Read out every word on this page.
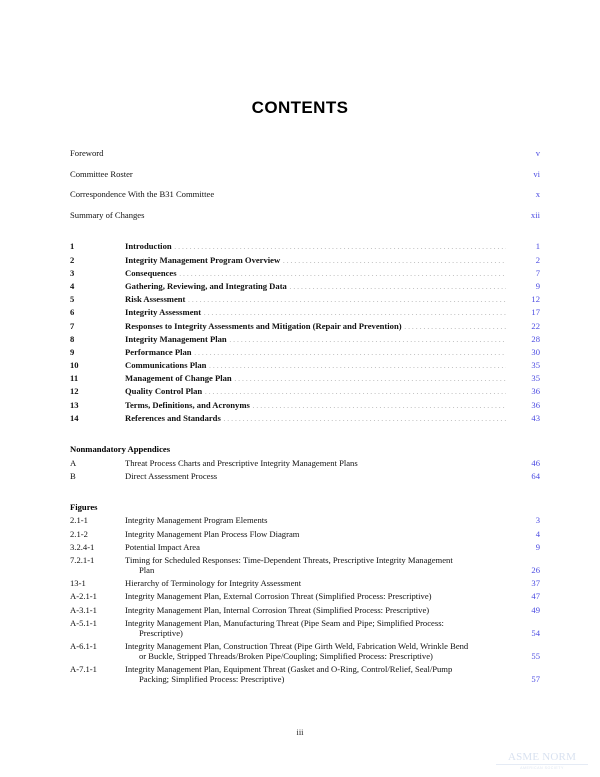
CONTENTS
Foreword .....	v
Committee Roster .....	vi
Correspondence With the B31 Committee .....	x
Summary of Changes .....	xii
1	Introduction .....	1
2	Integrity Management Program Overview .....	2
3	Consequences .....	7
4	Gathering, Reviewing, and Integrating Data .....	9
5	Risk Assessment .....	12
6	Integrity Assessment .....	17
7	Responses to Integrity Assessments and Mitigation (Repair and Prevention) .....	22
8	Integrity Management Plan .....	28
9	Performance Plan .....	30
10	Communications Plan .....	35
11	Management of Change Plan .....	35
12	Quality Control Plan .....	36
13	Terms, Definitions, and Acronyms .....	36
14	References and Standards .....	43
Nonmandatory Appendices
A	Threat Process Charts and Prescriptive Integrity Management Plans .....	46
B	Direct Assessment Process .....	64
Figures
2.1-1	Integrity Management Program Elements .....	3
2.1-2	Integrity Management Plan Process Flow Diagram .....	4
3.2.4-1	Potential Impact Area .....	9
7.2.1-1	Timing for Scheduled Responses: Time-Dependent Threats, Prescriptive Integrity Management
Plan .....	26
13-1	Hierarchy of Terminology for Integrity Assessment .....	37
A-2.1-1	Integrity Management Plan, External Corrosion Threat (Simplified Process: Prescriptive) .....	47
A-3.1-1	Integrity Management Plan, Internal Corrosion Threat (Simplified Process: Prescriptive) .....	49
A-5.1-1	Integrity Management Plan, Manufacturing Threat (Pipe Seam and Pipe; Simplified Process:
Prescriptive) .....	54
A-6.1-1	Integrity Management Plan, Construction Threat (Pipe Girth Weld, Fabrication Weld, Wrinkle Bend
or Buckle, Stripped Threads/Broken Pipe/Coupling; Simplified Process: Prescriptive) .....	55
A-7.1-1	Integrity Management Plan, Equipment Threat (Gasket and O-Ring, Control/Relief, Seal/Pump
Packing; Simplified Process: Prescriptive) .....	57
iii
ASME NORM
AMERICAN SOCIETY
